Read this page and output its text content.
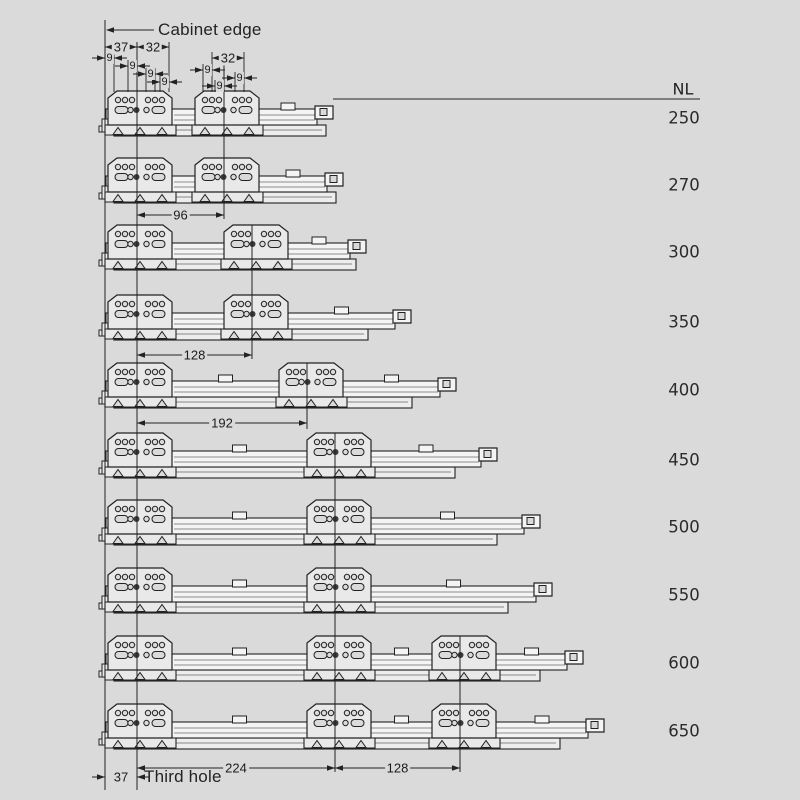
Cabinet edge
NL
Third hole
37 32
9
9
9
9
32
9
9
9
96
128
192
224	128
37
250
270
300
350
400
450
500
550
600
650
